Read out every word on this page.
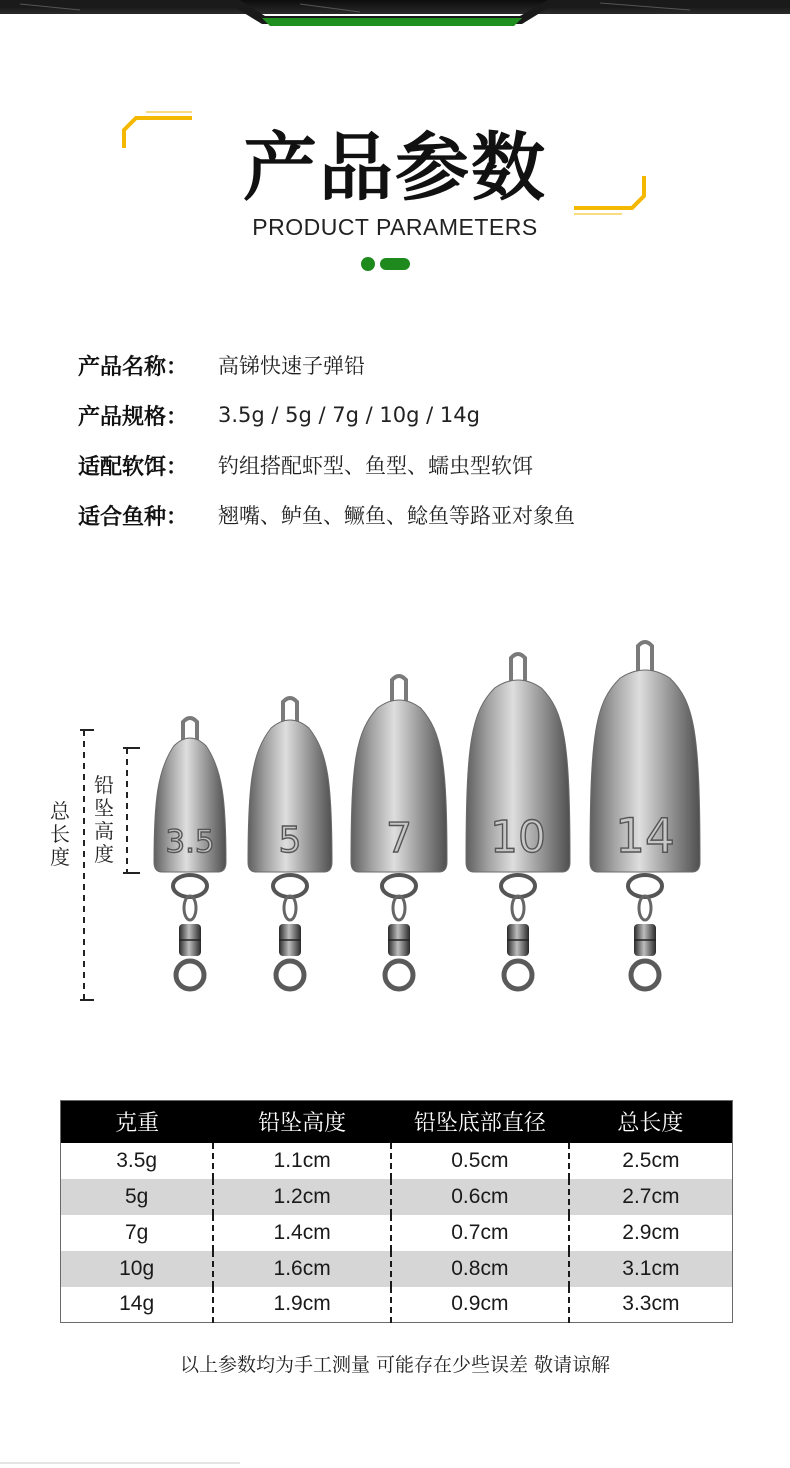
产品参数
PRODUCT PARAMETERS
产品名称：	高锑快速子弹铅
产品规格：	3.5g / 5g / 7g / 10g / 14g
适配软饵：	钓组搭配虾型、鱼型、蠕虫型软饵
适合鱼种：	翘嘴、鲈鱼、鳜鱼、鲶鱼等路亚对象鱼
总长度
铅坠高度 3.5 5 7 10 14
克重	铅坠高度	铅坠底部直径	总长度
3.5g	1.1cm	0.5cm	2.5cm
5g	1.2cm	0.6cm	2.7cm
7g	1.4cm	0.7cm	2.9cm
10g	1.6cm	0.8cm	3.1cm
14g	1.9cm	0.9cm	3.3cm
以上参数均为手工测量 可能存在少些误差 敬请谅解
